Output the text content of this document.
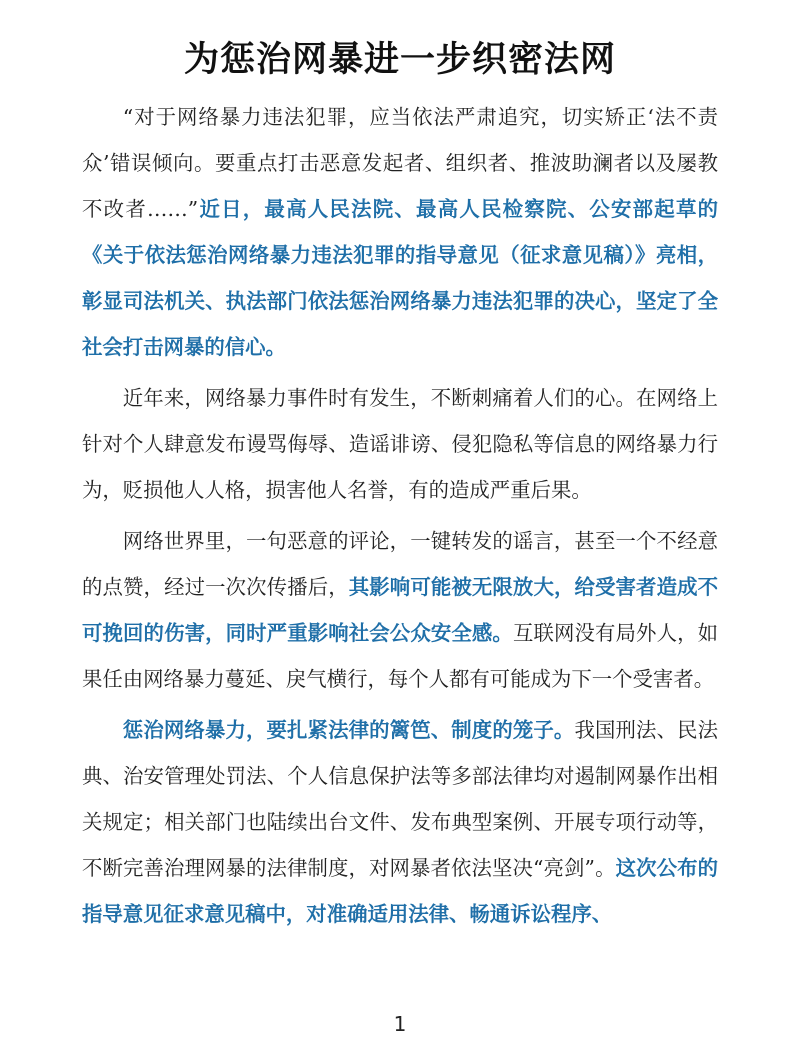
为惩治网暴进一步织密法网

“对于网络暴力违法犯罪，应当依法严肃追究，切实矫正‘法不责众’错误倾向。要重点打击恶意发起者、组织者、推波助澜者以及屡教不改者……”近日，最高人民法院、最高人民检察院、公安部起草的《关于依法惩治网络暴力违法犯罪的指导意见（征求意见稿）》亮相，彰显司法机关、执法部门依法惩治网络暴力违法犯罪的决心，坚定了全社会打击网暴的信心。

近年来，网络暴力事件时有发生，不断刺痛着人们的心。在网络上针对个人肆意发布谩骂侮辱、造谣诽谤、侵犯隐私等信息的网络暴力行为，贬损他人人格，损害他人名誉，有的造成严重后果。

网络世界里，一句恶意的评论，一键转发的谣言，甚至一个不经意的点赞，经过一次次传播后，其影响可能被无限放大，给受害者造成不可挽回的伤害，同时严重影响社会公众安全感。互联网没有局外人，如果任由网络暴力蔓延、戾气横行，每个人都有可能成为下一个受害者。

惩治网络暴力，要扎紧法律的篱笆、制度的笼子。我国刑法、民法典、治安管理处罚法、个人信息保护法等多部法律均对遏制网暴作出相关规定；相关部门也陆续出台文件、发布典型案例、开展专项行动等，不断完善治理网暴的法律制度，对网暴者依法坚决“亮剑”。这次公布的指导意见征求意见稿中，对准确适用法律、畅通诉讼程序、

1
